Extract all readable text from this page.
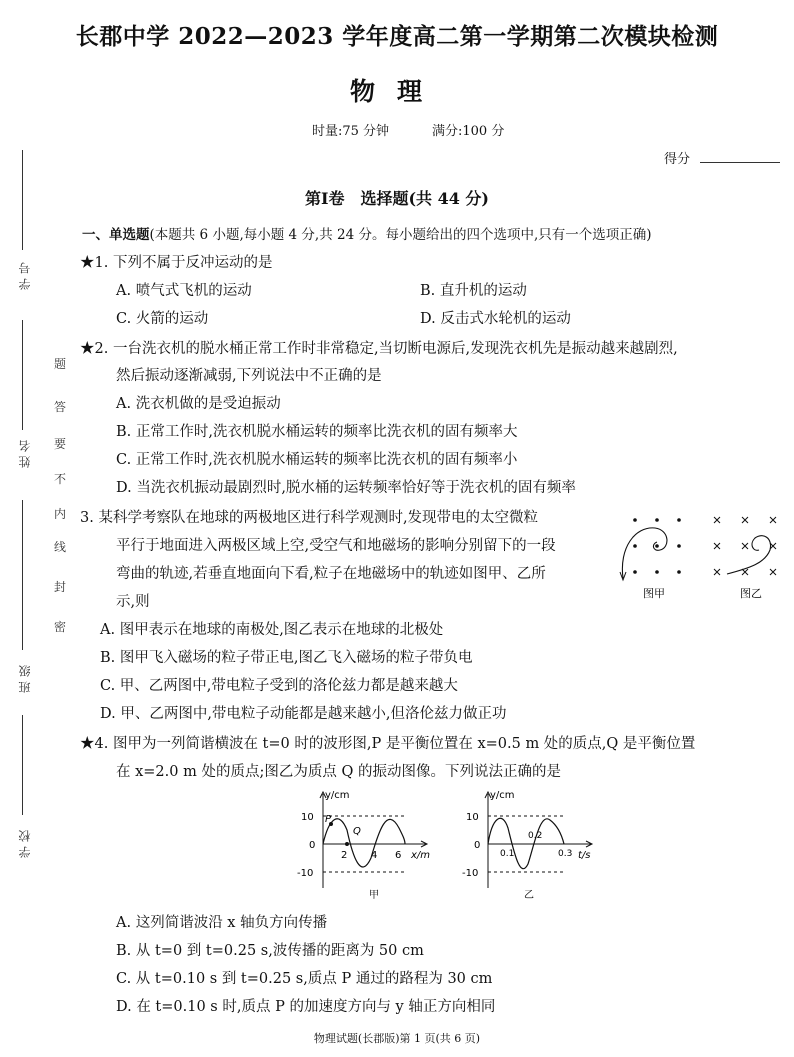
长郡中学 2022—2023 学年度高二第一学期第二次模块检测
物理
时量:75 分钟	满分:100 分
得分
学 号
姓 名
班 级
学 校
密
封
线
内
不
要
答
题
第Ⅰ卷　选择题(共 44 分)
一、单选题(本题共 6 小题,每小题 4 分,共 24 分。每小题给出的四个选项中,只有一个选项正确)
★1. 下列不属于反冲运动的是
A. 喷气式飞机的运动	B. 直升机的运动
C. 火箭的运动	D. 反击式水轮机的运动
★2. 一台洗衣机的脱水桶正常工作时非常稳定,当切断电源后,发现洗衣机先是振动越来越剧烈,
然后振动逐渐减弱,下列说法中不正确的是
A. 洗衣机做的是受迫振动
B. 正常工作时,洗衣机脱水桶运转的频率比洗衣机的固有频率大
C. 正常工作时,洗衣机脱水桶运转的频率比洗衣机的固有频率小
D. 当洗衣机振动最剧烈时,脱水桶的运转频率恰好等于洗衣机的固有频率
3. 某科学考察队在地球的两极地区进行科学观测时,发现带电的太空微粒
平行于地面进入两极区域上空,受空气和地磁场的影响分别留下的一段
弯曲的轨迹,若垂直地面向下看,粒子在地磁场中的轨迹如图甲、乙所
示,则
图甲	图乙
A. 图甲表示在地球的南极处,图乙表示在地球的北极处
B. 图甲飞入磁场的粒子带正电,图乙飞入磁场的粒子带负电
C. 甲、乙两图中,带电粒子受到的洛伦兹力都是越来越大
D. 甲、乙两图中,带电粒子动能都是越来越小,但洛伦兹力做正功
★4. 图甲为一列简谐横波在 t=0 时的波形图,P 是平衡位置在 x=0.5 m 处的质点,Q 是平衡位置
在 x=2.0 m 处的质点;图乙为质点 Q 的振动图像。下列说法正确的是
y/cm
10
0
-10
P
Q
2 4 6 x/m
甲
y/cm
10
0
-10
0.1
0.2
0.3 t/s
乙
A. 这列简谐波沿 x 轴负方向传播
B. 从 t=0 到 t=0.25 s,波传播的距离为 50 cm
C. 从 t=0.10 s 到 t=0.25 s,质点 P 通过的路程为 30 cm
D. 在 t=0.10 s 时,质点 P 的加速度方向与 y 轴正方向相同
物理试题(长郡版)第 1 页(共 6 页)
